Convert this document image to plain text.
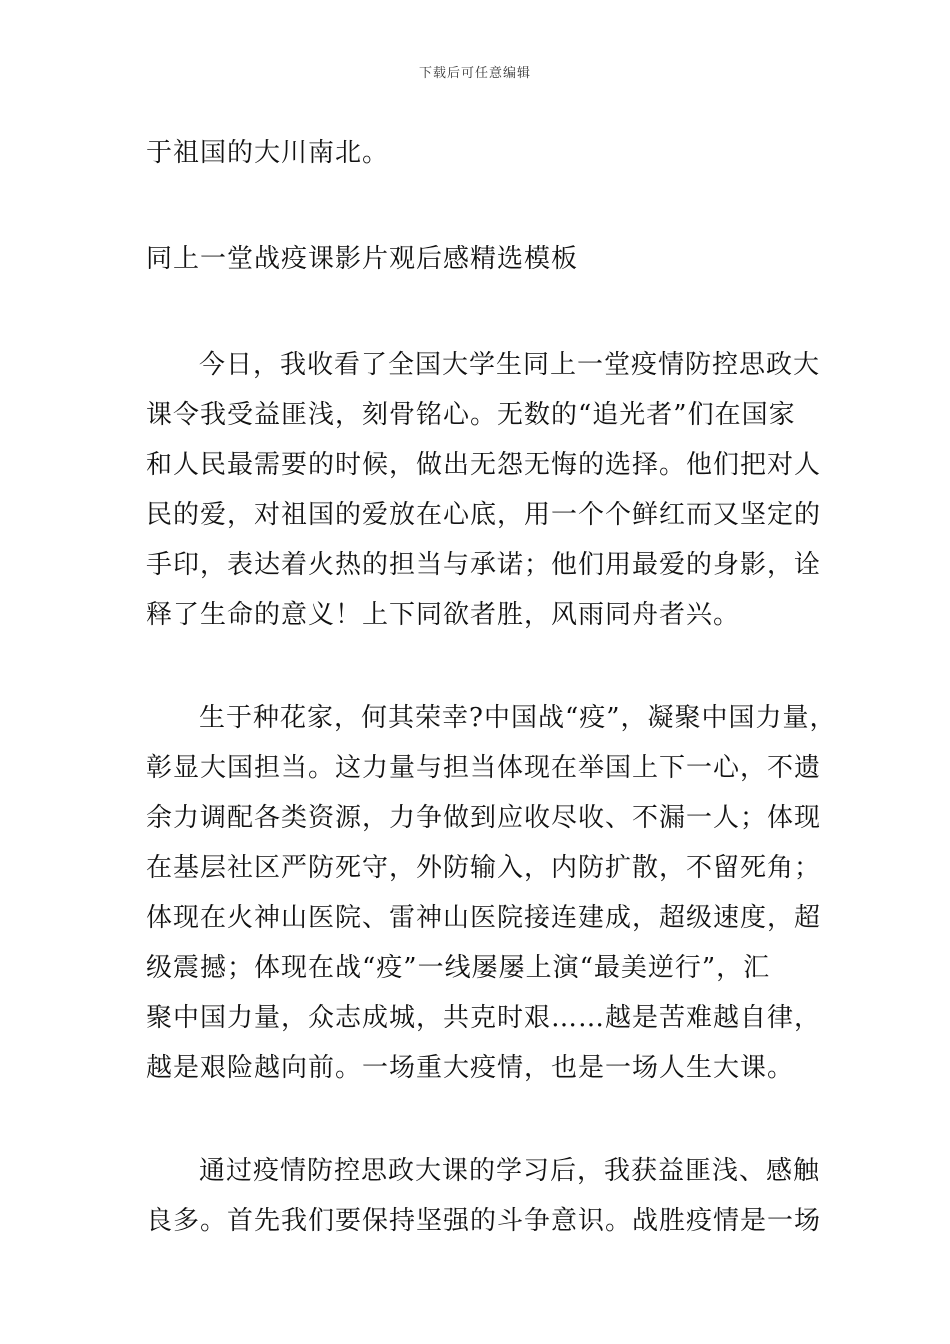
下载后可任意编辑
于祖国的大川南北。
同上一堂战疫课影片观后感精选模板
今日，我收看了全国大学生同上一堂疫情防控思政大
课令我受益匪浅，刻骨铭心。无数的“追光者”们在国家
和人民最需要的时候，做出无怨无悔的选择。他们把对人
民的爱，对祖国的爱放在心底，用一个个鲜红而又坚定的
手印，表达着火热的担当与承诺；他们用最爱的身影，诠
释了生命的意义！上下同欲者胜，风雨同舟者兴。
生于种花家，何其荣幸?中国战“疫”，凝聚中国力量，
彰显大国担当。这力量与担当体现在举国上下一心，不遗
余力调配各类资源，力争做到应收尽收、不漏一人；体现
在基层社区严防死守，外防输入，内防扩散，不留死角；
体现在火神山医院、雷神山医院接连建成，超级速度，超
级震撼；体现在战“疫”一线屡屡上演“最美逆行”，汇
聚中国力量，众志成城，共克时艰……越是苦难越自律，
越是艰险越向前。一场重大疫情，也是一场人生大课。
通过疫情防控思政大课的学习后，我获益匪浅、感触
良多。首先我们要保持坚强的斗争意识。战胜疫情是一场
